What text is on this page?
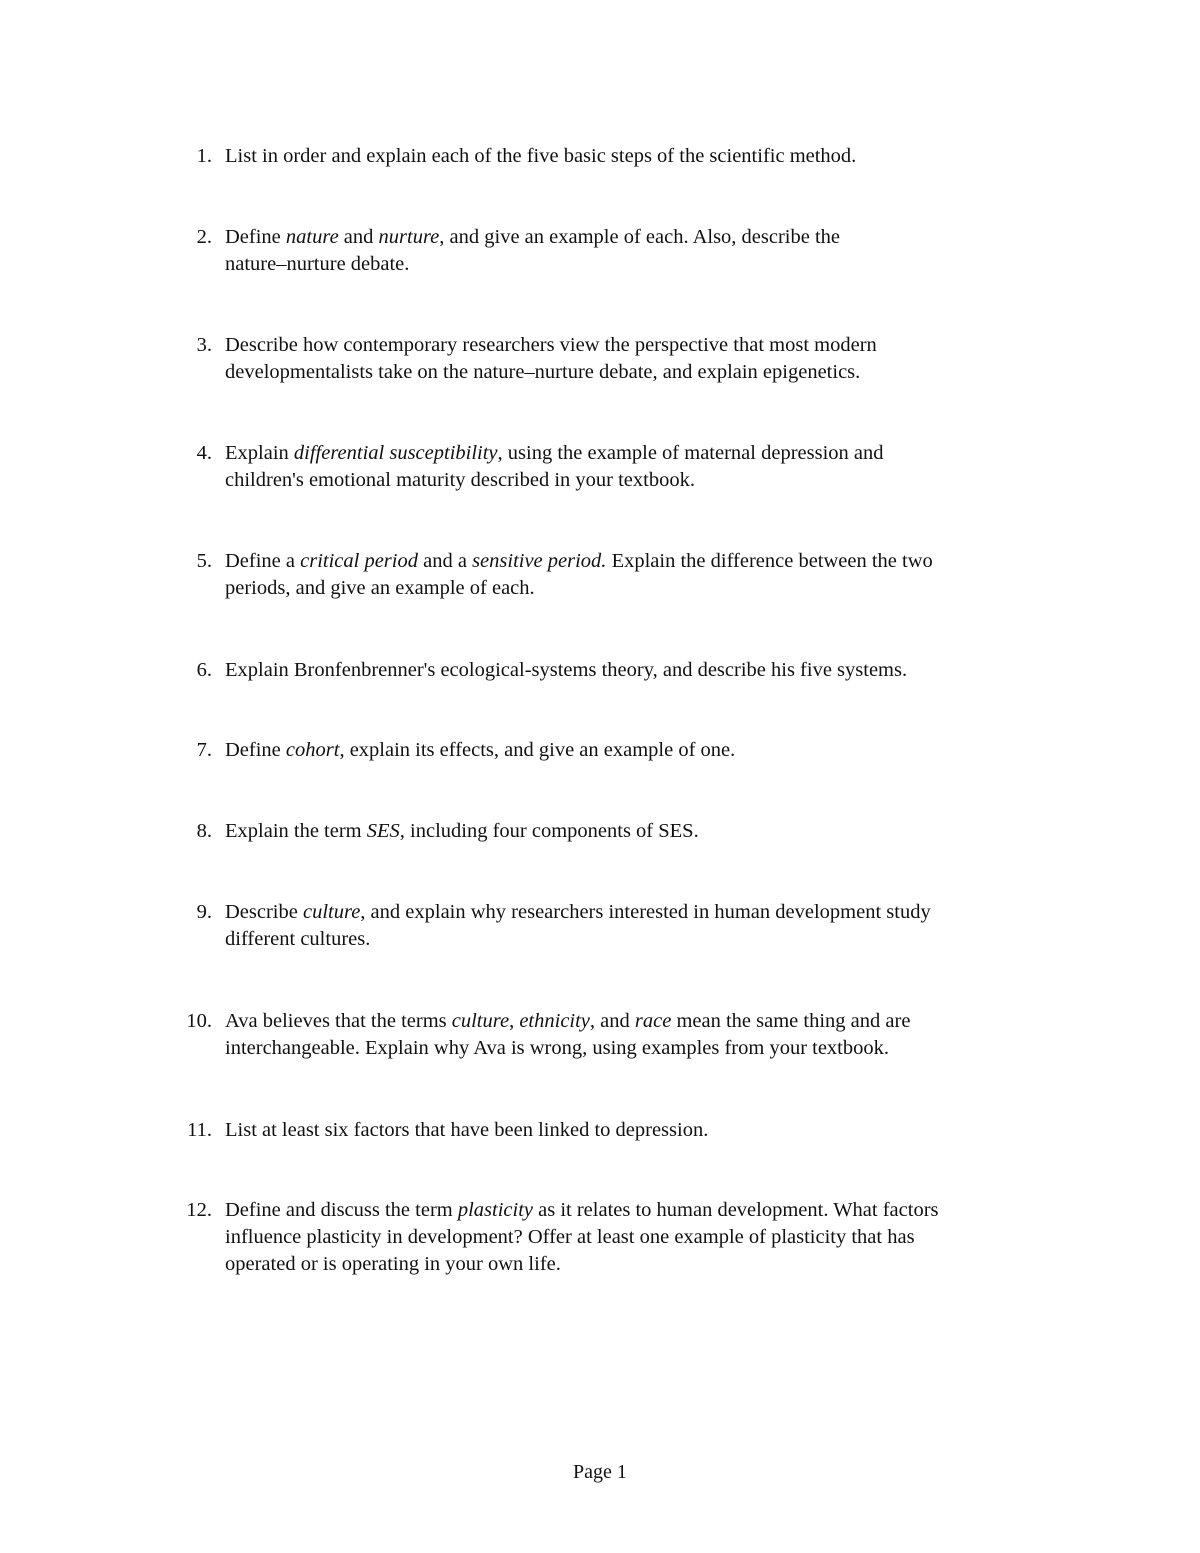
1. List in order and explain each of the five basic steps of the scientific method.
2. Define nature and nurture, and give an example of each. Also, describe the
nature–nurture debate.
3. Describe how contemporary researchers view the perspective that most modern
developmentalists take on the nature–nurture debate, and explain epigenetics.
4. Explain differential susceptibility, using the example of maternal depression and
children's emotional maturity described in your textbook.
5. Define a critical period and a sensitive period. Explain the difference between the two
periods, and give an example of each.
6. Explain Bronfenbrenner's ecological-systems theory, and describe his five systems.
7. Define cohort, explain its effects, and give an example of one.
8. Explain the term SES, including four components of SES.
9. Describe culture, and explain why researchers interested in human development study
different cultures.
10. Ava believes that the terms culture, ethnicity, and race mean the same thing and are
interchangeable. Explain why Ava is wrong, using examples from your textbook.
11. List at least six factors that have been linked to depression.
12. Define and discuss the term plasticity as it relates to human development. What factors
influence plasticity in development? Offer at least one example of plasticity that has
operated or is operating in your own life.
Page 1
